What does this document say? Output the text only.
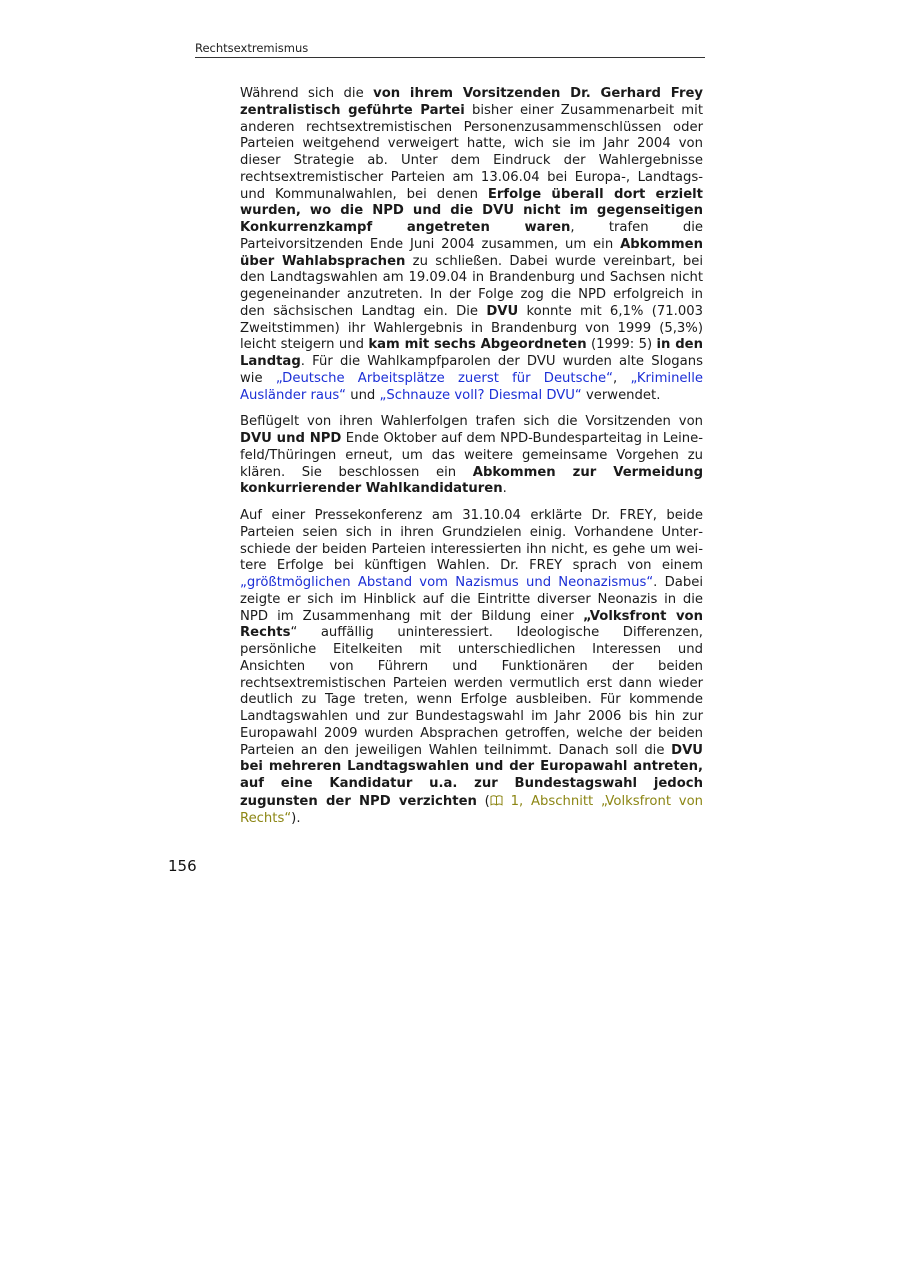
Rechtsextremismus

Während sich die von ihrem Vorsitzenden Dr. Gerhard Frey zentralistisch geführte Partei bisher einer Zusammenarbeit mit anderen rechtsextremistischen Personenzusammenschlüssen oder Parteien weitgehend verweigert hatte, wich sie im Jahr 2004 von dieser Strategie ab. Unter dem Eindruck der Wahlergebnisse rechtsextremistischer Parteien am 13.06.04 bei Europa-, Landtags- und Kommunalwahlen, bei denen Erfolge überall dort erzielt wurden, wo die NPD und die DVU nicht im gegenseitigen Konkurrenzkampf angetreten waren, trafen die Parteivorsitzenden Ende Juni 2004 zusammen, um ein Abkommen über Wahlabsprachen zu schließen. Dabei wurde vereinbart, bei den Landtagswahlen am 19.09.04 in Brandenburg und Sachsen nicht gegeneinander anzutreten. In der Folge zog die NPD erfolgreich in den sächsischen Landtag ein. Die DVU konnte mit 6,1% (71.003 Zweitstimmen) ihr Wahlergebnis in Brandenburg von 1999 (5,3%) leicht steigern und kam mit sechs Abgeordneten (1999: 5) in den Landtag. Für die Wahlkampfparolen der DVU wurden alte Slogans wie „Deutsche Arbeitsplätze zuerst für Deutsche“, „Kriminelle Ausländer raus“ und „Schnauze voll? Diesmal DVU“ verwendet.

Beflügelt von ihren Wahlerfolgen trafen sich die Vorsitzenden von DVU und NPD Ende Oktober auf dem NPD-Bundesparteitag in Leinefeld/Thüringen erneut, um das weitere gemeinsame Vorgehen zu klären. Sie beschlossen ein Abkommen zur Vermeidung konkurrierender Wahlkandidaturen.

Auf einer Pressekonferenz am 31.10.04 erklärte Dr. FREY, beide Parteien seien sich in ihren Grundzielen einig. Vorhandene Unterschiede der beiden Parteien interessierten ihn nicht, es gehe um weitere Erfolge bei künftigen Wahlen. Dr. FREY sprach von einem „größtmöglichen Abstand vom Nazismus und Neonazismus“. Dabei zeigte er sich im Hinblick auf die Eintritte diverser Neonazis in die NPD im Zusammenhang mit der Bildung einer „Volksfront von Rechts“ auffällig uninteressiert. Ideologische Differenzen, persönliche Eitelkeiten mit unterschiedlichen Interessen und Ansichten von Führern und Funktionären der beiden rechtsextremistischen Parteien werden vermutlich erst dann wieder deutlich zu Tage treten, wenn Erfolge ausbleiben. Für kommende Landtagswahlen und zur Bundestagswahl im Jahr 2006 bis hin zur Europawahl 2009 wurden Absprachen getroffen, welche der beiden Parteien an den jeweiligen Wahlen teilnimmt. Danach soll die DVU bei mehreren Landtagswahlen und der Europawahl antreten, auf eine Kandidatur u.a. zur Bundestagswahl jedoch zugunsten der NPD verzichten ( 1, Abschnitt „Volksfront von Rechts“).

156
